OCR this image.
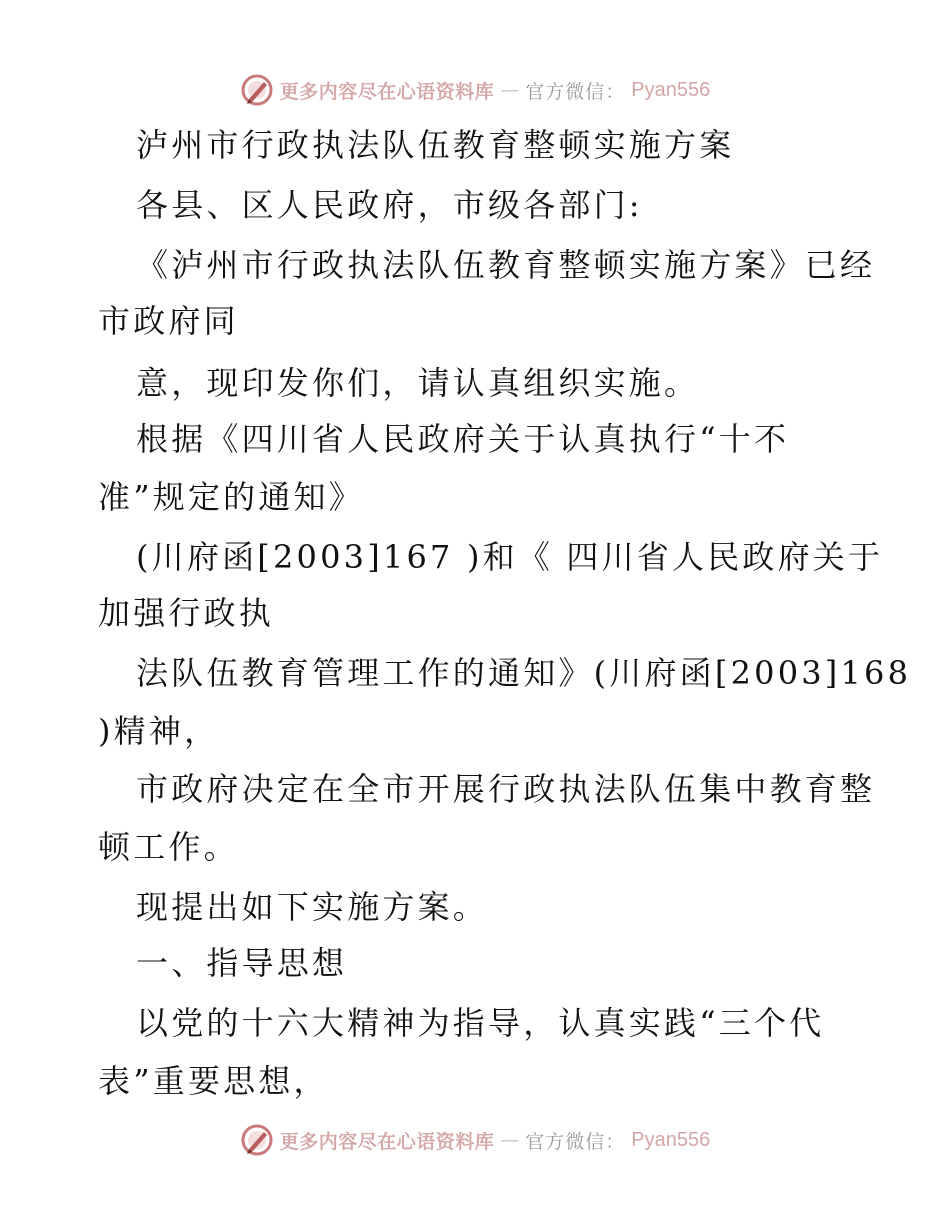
更多内容尽在心语资料库 — 官方微信： Pyan556
泸州市行政执法队伍教育整顿实施方案
各县、区人民政府，市级各部门:
《泸州市行政执法队伍教育整顿实施方案》已经
市政府同
意，现印发你们，请认真组织实施。
根据《四川省人民政府关于认真执行“十不
准”规定的通知》
(川府函[2003]167 )和《 四川省人民政府关于
加强行政执
法队伍教育管理工作的通知》(川府函[2003]168
)精神，
市政府决定在全市开展行政执法队伍集中教育整
顿工作。
现提出如下实施方案。
一、指导思想
以党的十六大精神为指导，认真实践“三个代
表”重要思想，
更多内容尽在心语资料库 — 官方微信： Pyan556
